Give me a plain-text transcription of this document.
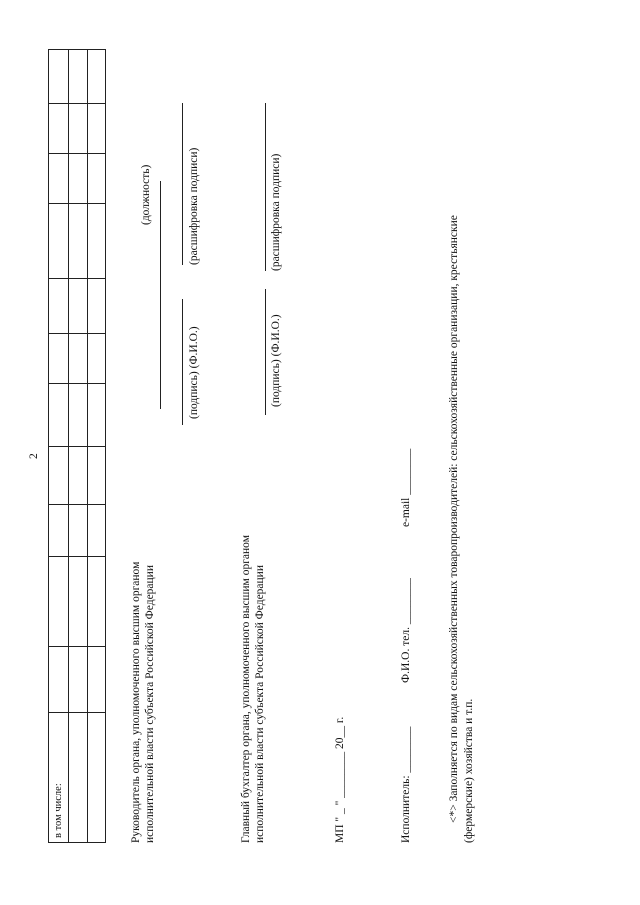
2
в том числе:	Руководитель органа, уполномоченного высшим органом исполнительной власти субъекта Российской Федерации
(должность)
(подпись) (Ф.И.О.)
(расшифровка подписи)
Главный бухгалтер органа, уполномоченного высшим органом исполнительной власти субъекта Российской Федерации
(подпись) (Ф.И.О.)
(расшифровка подписи)
МП " _ " ________ 20__ г.	Исполнитель: ________
Ф.И.О. тел. ________
e-mail ________	<*> Заполняется по видам сельскохозяйственных товаропроизводителей: сельскохозяйственные организации, крестьянские (фермерские) хозяйства и т.п.
